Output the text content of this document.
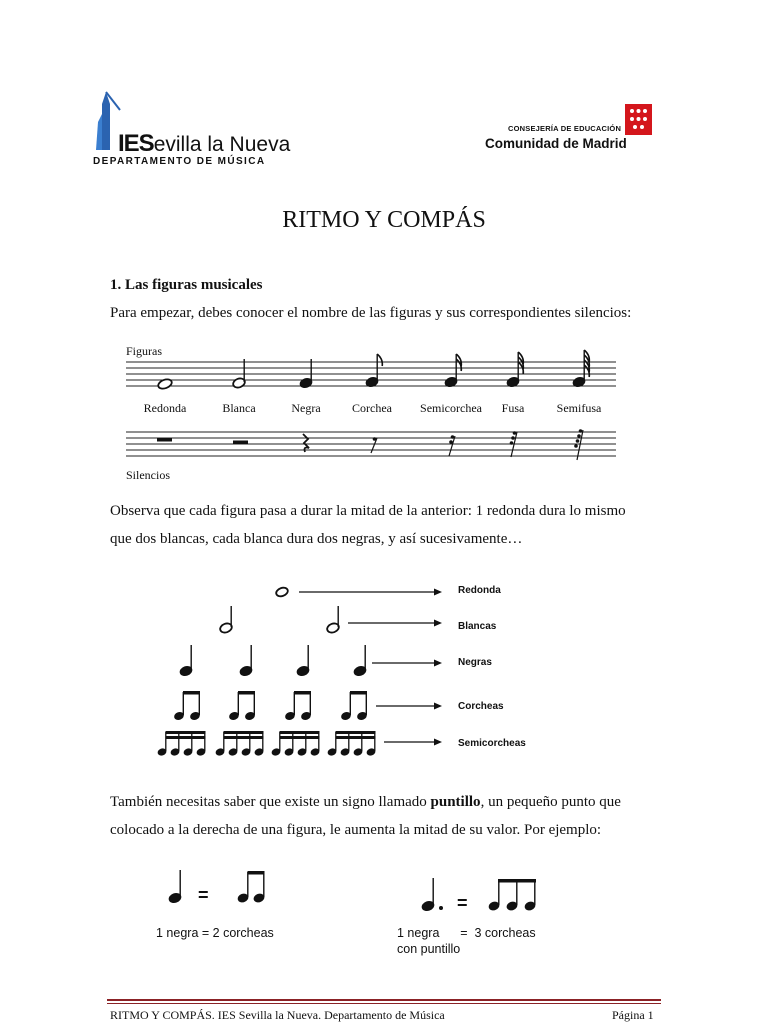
IESevilla la Nueva
DEPARTAMENTO DE MÚSICA
CONSEJERÍA DE EDUCACIÓN
Comunidad de Madrid
RITMO Y COMPÁS
1. Las figuras musicales
Para empezar, debes conocer el nombre de las figuras y sus correspondientes silencios:
Figuras
Redonda	Blanca	Negra	Corchea Semicorchea Fusa	Semifusa
Silencios
Observa que cada figura pasa a durar la mitad de la anterior: 1 redonda dura lo mismo
que dos blancas, cada blanca dura dos negras, y así sucesivamente…
Redonda
Blancas
Negras
Corcheas
Semicorcheas
También necesitas saber que existe un signo llamado puntillo, un pequeño punto que
colocado a la derecha de una figura, le aumenta la mitad de su valor. Por ejemplo:
=	=
1 negra = 2 corcheas	1 negra      =  3 corcheas
con puntillo
RITMO Y COMPÁS. IES Sevilla la Nueva. Departamento de Música	Página 1
